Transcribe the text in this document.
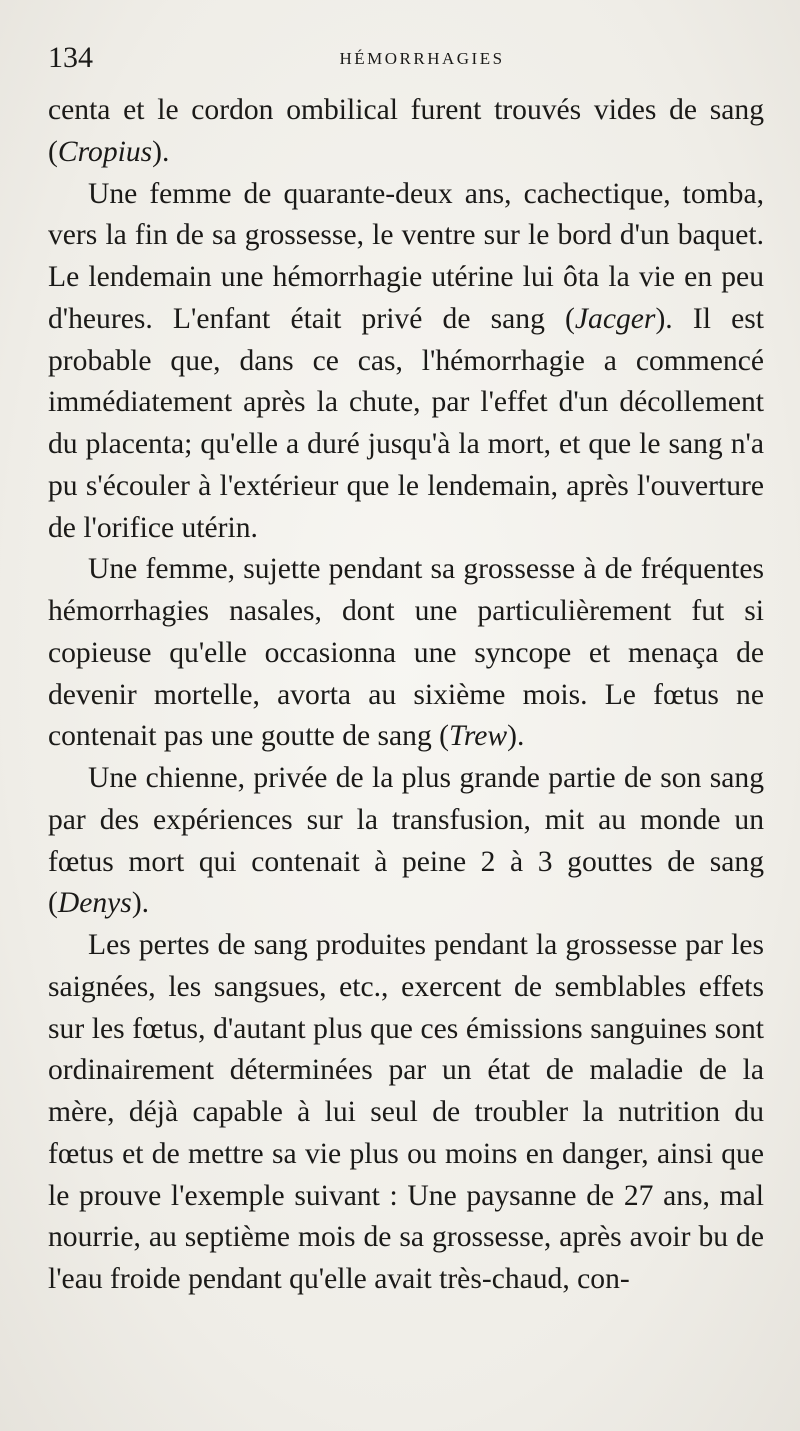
134	HÉMORRHAGIES

centa et le cordon ombilical furent trouvés vides de sang (Cropius).

Une femme de quarante-deux ans, cachectique, tomba, vers la fin de sa grossesse, le ventre sur le bord d'un baquet. Le lendemain une hémorrhagie utérine lui ôta la vie en peu d'heures. L'enfant était privé de sang (Jacger). Il est probable que, dans ce cas, l'hémorrhagie a commencé immédiatement après la chute, par l'effet d'un décollement du placenta; qu'elle a duré jusqu'à la mort, et que le sang n'a pu s'écouler à l'extérieur que le lendemain, après l'ouverture de l'orifice utérin.

Une femme, sujette pendant sa grossesse à de fréquentes hémorrhagies nasales, dont une particulièrement fut si copieuse qu'elle occasionna une syncope et menaça de devenir mortelle, avorta au sixième mois. Le fœtus ne contenait pas une goutte de sang (Trew).

Une chienne, privée de la plus grande partie de son sang par des expériences sur la transfusion, mit au monde un fœtus mort qui contenait à peine 2 à 3 gouttes de sang (Denys).

Les pertes de sang produites pendant la grossesse par les saignées, les sangsues, etc., exercent de semblables effets sur les fœtus, d'autant plus que ces émissions sanguines sont ordinairement déterminées par un état de maladie de la mère, déjà capable à lui seul de troubler la nutrition du fœtus et de mettre sa vie plus ou moins en danger, ainsi que le prouve l'exemple suivant : Une paysanne de 27 ans, mal nourrie, au septième mois de sa grossesse, après avoir bu de l'eau froide pendant qu'elle avait très-chaud, con-
